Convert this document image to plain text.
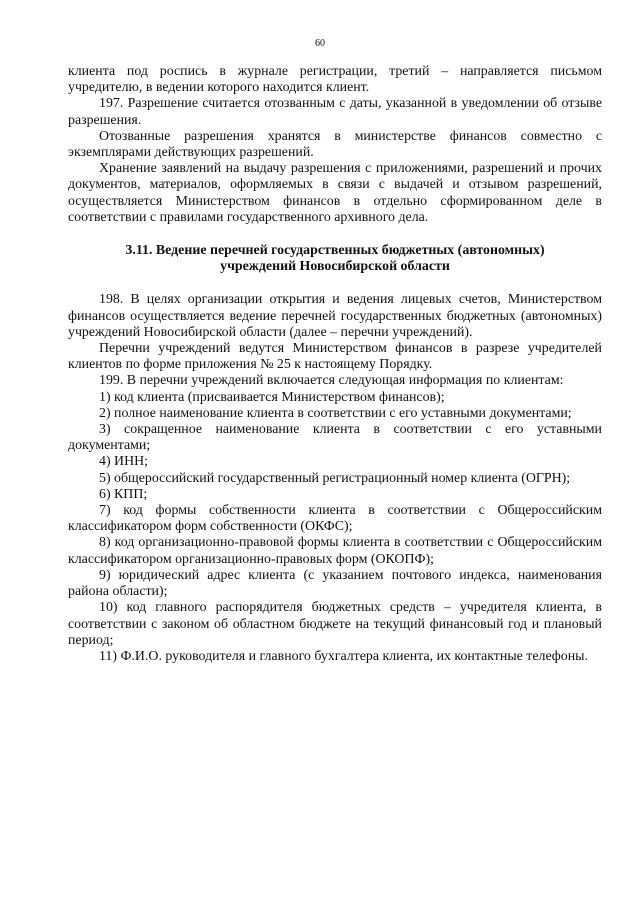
60

клиента под роспись в журнале регистрации, третий – направляется письмом учредителю, в ведении которого находится клиент.

197. Разрешение считается отозванным с даты, указанной в уведомлении об отзыве разрешения.

Отозванные разрешения хранятся в министерстве финансов совместно с экземплярами действующих разрешений.

Хранение заявлений на выдачу разрешения с приложениями, разрешений и прочих документов, материалов, оформляемых в связи с выдачей и отзывом разрешений, осуществляется Министерством финансов в отдельно сформированном деле в соответствии с правилами государственного архивного дела.

3.11. Ведение перечней государственных бюджетных (автономных) учреждений Новосибирской области

198. В целях организации открытия и ведения лицевых счетов, Министерством финансов осуществляется ведение перечней государственных бюджетных (автономных) учреждений Новосибирской области (далее – перечни учреждений).

Перечни учреждений ведутся Министерством финансов в разрезе учредителей клиентов по форме приложения № 25 к настоящему Порядку.

199. В перечни учреждений включается следующая информация по клиентам:

1) код клиента (присваивается Министерством финансов);

2) полное наименование клиента в соответствии с его уставными документами;

3) сокращенное наименование клиента в соответствии с его уставными документами;

4) ИНН;

5) общероссийский государственный регистрационный номер клиента (ОГРН);

6) КПП;

7) код формы собственности клиента в соответствии с Общероссийским классификатором форм собственности (ОКФС);

8) код организационно-правовой формы клиента в соответствии с Общероссийским классификатором организационно-правовых форм (ОКОПФ);

9) юридический адрес клиента (с указанием почтового индекса, наименования района области);

10) код главного распорядителя бюджетных средств – учредителя клиента, в соответствии с законом об областном бюджете на текущий финансовый год и плановый период;

11) Ф.И.О. руководителя и главного бухгалтера клиента, их контактные телефоны.
